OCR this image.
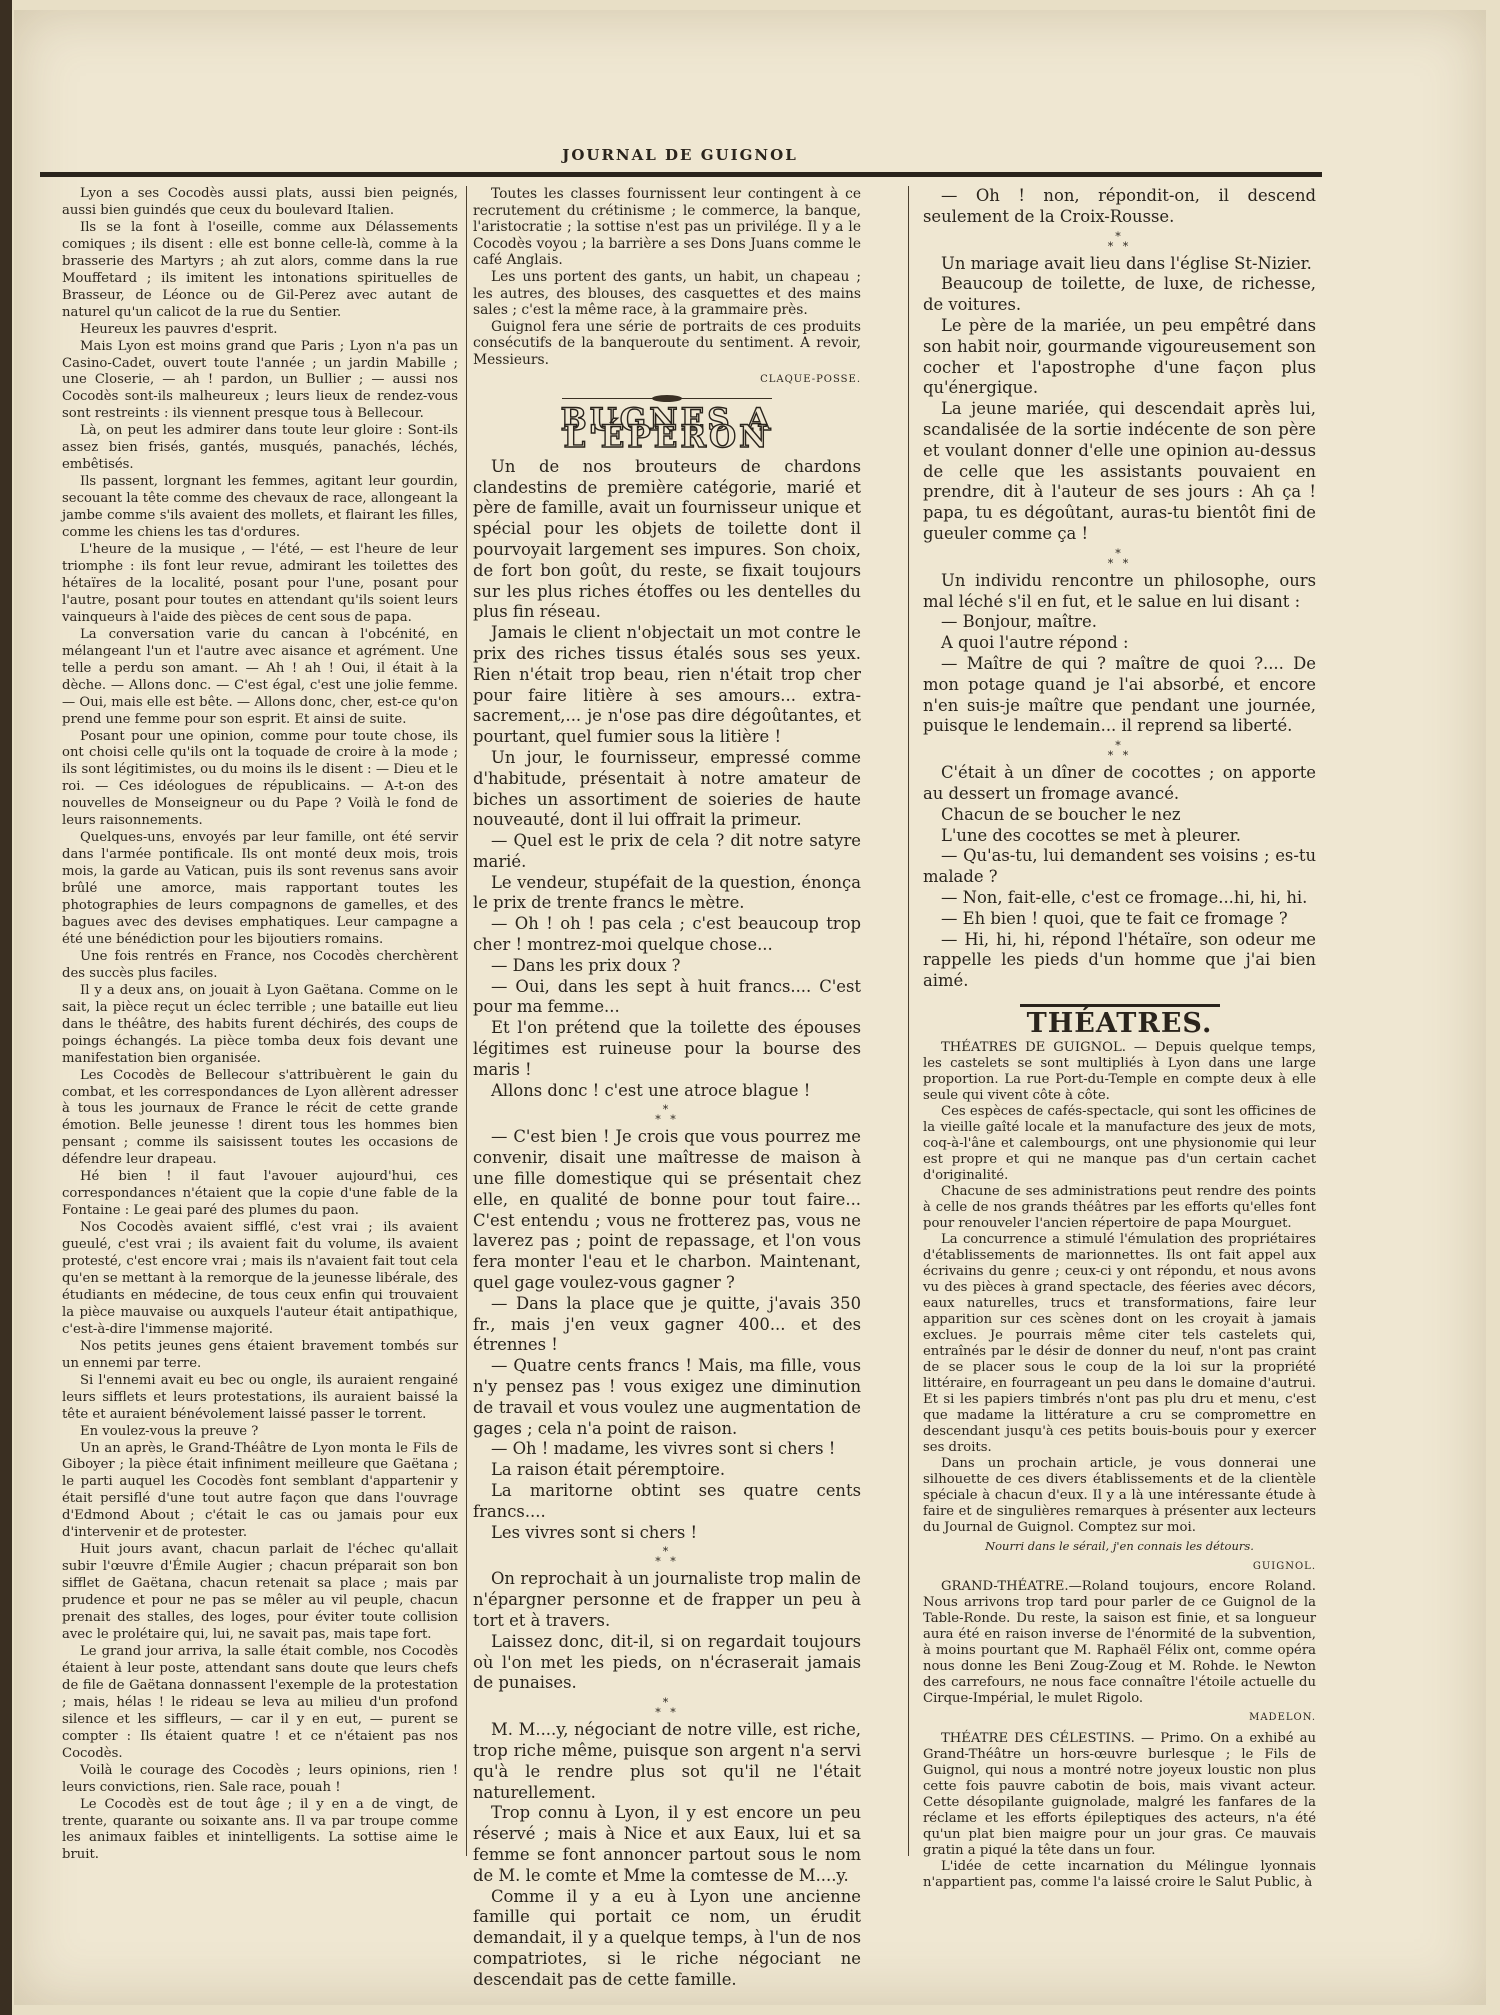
JOURNAL DE GUIGNOL

Lyon a ses Cocodès aussi plats, aussi bien peignés, aussi bien guindés que ceux du boulevard Italien.

Ils se la font à l'oseille, comme aux Délassements comiques ; ils disent : elle est bonne celle-là, comme à la brasserie des Martyrs ; ah zut alors, comme dans la rue Mouffetard ; ils imitent les intonations spirituelles de Brasseur, de Léonce ou de Gil-Perez avec autant de naturel qu'un calicot de la rue du Sentier.

Heureux les pauvres d'esprit.

Mais Lyon est moins grand que Paris ; Lyon n'a pas un Casino-Cadet, ouvert toute l'année ; un jardin Mabille ; une Closerie, — ah ! pardon, un Bullier ; — aussi nos Cocodès sont-ils malheureux ; leurs lieux de rendez-vous sont restreints : ils viennent presque tous à Bellecour.

Là, on peut les admirer dans toute leur gloire : Sont-ils assez bien frisés, gantés, musqués, panachés, léchés, embêtisés.

Ils passent, lorgnant les femmes, agitant leur gourdin, secouant la tête comme des chevaux de race, allongeant la jambe comme s'ils avaient des mollets, et flairant les filles, comme les chiens les tas d'ordures.

L'heure de la musique , — l'été, — est l'heure de leur triomphe : ils font leur revue, admirant les toilettes des hétaïres de la localité, posant pour l'une, posant pour l'autre, posant pour toutes en attendant qu'ils soient leurs vainqueurs à l'aide des pièces de cent sous de papa.

La conversation varie du cancan à l'obcénité, en mélangeant l'un et l'autre avec aisance et agrément. Une telle a perdu son amant. — Ah ! ah ! Oui, il était à la dèche. — Allons donc. — C'est égal, c'est une jolie femme. — Oui, mais elle est bête. — Allons donc, cher, est-ce qu'on prend une femme pour son esprit. Et ainsi de suite.

Posant pour une opinion, comme pour toute chose, ils ont choisi celle qu'ils ont la toquade de croire à la mode ; ils sont légitimistes, ou du moins ils le disent : — Dieu et le roi. — Ces idéologues de républicains. — A-t-on des nouvelles de Monseigneur ou du Pape ? Voilà le fond de leurs raisonnements.

Quelques-uns, envoyés par leur famille, ont été servir dans l'armée pontificale. Ils ont monté deux mois, trois mois, la garde au Vatican, puis ils sont revenus sans avoir brûlé une amorce, mais rapportant toutes les photographies de leurs compagnons de gamelles, et des bagues avec des devises emphatiques. Leur campagne a été une bénédiction pour les bijoutiers romains.

Une fois rentrés en France, nos Cocodès cherchèrent des succès plus faciles.

Il y a deux ans, on jouait à Lyon Gaëtana. Comme on le sait, la pièce reçut un éclec terrible ; une bataille eut lieu dans le théâtre, des habits furent déchirés, des coups de poings échangés. La pièce tomba deux fois devant une manifestation bien organisée.

Les Cocodès de Bellecour s'attribuèrent le gain du combat, et les correspondances de Lyon allèrent adresser à tous les journaux de France le récit de cette grande émotion. Belle jeunesse ! dirent tous les hommes bien pensant ; comme ils saisissent toutes les occasions de défendre leur drapeau.

Hé bien ! il faut l'avouer aujourd'hui, ces correspondances n'étaient que la copie d'une fable de la Fontaine : Le geai paré des plumes du paon.

Nos Cocodès avaient sifflé, c'est vrai ; ils avaient gueulé, c'est vrai ; ils avaient fait du volume, ils avaient protesté, c'est encore vrai ; mais ils n'avaient fait tout cela qu'en se mettant à la remorque de la jeunesse libérale, des étudiants en médecine, de tous ceux enfin qui trouvaient la pièce mauvaise ou auxquels l'auteur était antipathique, c'est-à-dire l'immense majorité.

Nos petits jeunes gens étaient bravement tombés sur un ennemi par terre.

Si l'ennemi avait eu bec ou ongle, ils auraient rengainé leurs sifflets et leurs protestations, ils auraient baissé la tête et auraient bénévolement laissé passer le torrent.

En voulez-vous la preuve ?

Un an après, le Grand-Théâtre de Lyon monta le Fils de Giboyer ; la pièce était infiniment meilleure que Gaëtana ; le parti auquel les Cocodès font semblant d'appartenir y était persiflé d'une tout autre façon que dans l'ouvrage d'Edmond About ; c'était le cas ou jamais pour eux d'intervenir et de protester.

Huit jours avant, chacun parlait de l'échec qu'allait subir l'œuvre d'Émile Augier ; chacun préparait son bon sifflet de Gaëtana, chacun retenait sa place ; mais par prudence et pour ne pas se mêler au vil peuple, chacun prenait des stalles, des loges, pour éviter toute collision avec le prolétaire qui, lui, ne savait pas, mais tape fort.

Le grand jour arriva, la salle était comble, nos Cocodès étaient à leur poste, attendant sans doute que leurs chefs de file de Gaëtana donnassent l'exemple de la protestation ; mais, hélas ! le rideau se leva au milieu d'un profond silence et les siffleurs, — car il y en eut, — purent se compter : Ils étaient quatre ! et ce n'étaient pas nos Cocodès.

Voilà le courage des Cocodès ; leurs opinions, rien ! leurs convictions, rien. Sale race, pouah !

Le Cocodès est de tout âge ; il y en a de vingt, de trente, quarante ou soixante ans. Il va par troupe comme les animaux faibles et inintelligents. La sottise aime le bruit.

Toutes les classes fournissent leur contingent à ce recrutement du crétinisme ; le commerce, la banque, l'aristocratie ; la sottise n'est pas un privilége. Il y a le Cocodès voyou ; la barrière a ses Dons Juans comme le café Anglais.

Les uns portent des gants, un habit, un chapeau ; les autres, des blouses, des casquettes et des mains sales ; c'est la même race, à la grammaire près.

Guignol fera une série de portraits de ces produits consécutifs de la banqueroute du sentiment. A revoir, Messieurs.

CLAQUE-POSSE.
BUGNES A L'ÉPERON

Un de nos brouteurs de chardons clandestins de première catégorie, marié et père de famille, avait un fournisseur unique et spécial pour les objets de toilette dont il pourvoyait largement ses impures. Son choix, de fort bon goût, du reste, se fixait toujours sur les plus riches étoffes ou les dentelles du plus fin réseau.

Jamais le client n'objectait un mot contre le prix des riches tissus étalés sous ses yeux. Rien n'était trop beau, rien n'était trop cher pour faire litière à ses amours... extra-sacrement,... je n'ose pas dire dégoûtantes, et pourtant, quel fumier sous la litière !

Un jour, le fournisseur, empressé comme d'habitude, présentait à notre amateur de biches un assortiment de soieries de haute nouveauté, dont il lui offrait la primeur.

— Quel est le prix de cela ? dit notre satyre marié.

Le vendeur, stupéfait de la question, énonça le prix de trente francs le mètre.

— Oh ! oh ! pas cela ; c'est beaucoup trop cher ! montrez-moi quelque chose...

— Dans les prix doux ?

— Oui, dans les sept à huit francs.... C'est pour ma femme...

Et l'on prétend que la toilette des épouses légitimes est ruineuse pour la bourse des maris !

Allons donc ! c'est une atroce blague !

*
* *

— C'est bien ! Je crois que vous pourrez me convenir, disait une maîtresse de maison à une fille domestique qui se présentait chez elle, en qualité de bonne pour tout faire... C'est entendu ; vous ne frotterez pas, vous ne laverez pas ; point de repassage, et l'on vous fera monter l'eau et le charbon. Maintenant, quel gage voulez-vous gagner ?

— Dans la place que je quitte, j'avais 350 fr., mais j'en veux gagner 400... et des étrennes !

— Quatre cents francs ! Mais, ma fille, vous n'y pensez pas ! vous exigez une diminution de travail et vous voulez une augmentation de gages ; cela n'a point de raison.

— Oh ! madame, les vivres sont si chers !

La raison était péremptoire.

La maritorne obtint ses quatre cents francs....

Les vivres sont si chers !

*
* *

On reprochait à un journaliste trop malin de n'épargner personne et de frapper un peu à tort et à travers.

Laissez donc, dit-il, si on regardait toujours où l'on met les pieds, on n'écraserait jamais de punaises.

*
* *

M. M....y, négociant de notre ville, est riche, trop riche même, puisque son argent n'a servi qu'à le rendre plus sot qu'il ne l'était naturellement.

Trop connu à Lyon, il y est encore un peu réservé ; mais à Nice et aux Eaux, lui et sa femme se font annoncer partout sous le nom de M. le comte et Mme la comtesse de M....y.

Comme il y a eu à Lyon une ancienne famille qui portait ce nom, un érudit demandait, il y a quelque temps, à l'un de nos compatriotes, si le riche négociant ne descendait pas de cette famille.

— Oh ! non, répondit-on, il descend seulement de la Croix-Rousse.

*
* *

Un mariage avait lieu dans l'église St-Nizier.

Beaucoup de toilette, de luxe, de richesse, de voitures.

Le père de la mariée, un peu empêtré dans son habit noir, gourmande vigoureusement son cocher et l'apostrophe d'une façon plus qu'énergique.

La jeune mariée, qui descendait après lui, scandalisée de la sortie indécente de son père et voulant donner d'elle une opinion au-dessus de celle que les assistants pouvaient en prendre, dit à l'auteur de ses jours : Ah ça ! papa, tu es dégoûtant, auras-tu bientôt fini de gueuler comme ça !

*
* *

Un individu rencontre un philosophe, ours mal léché s'il en fut, et le salue en lui disant :

— Bonjour, maître.

A quoi l'autre répond :

— Maître de qui ? maître de quoi ?.... De mon potage quand je l'ai absorbé, et encore n'en suis-je maître que pendant une journée, puisque le lendemain... il reprend sa liberté.

*
* *

C'était à un dîner de cocottes ; on apporte au dessert un fromage avancé.

Chacun de se boucher le nez

L'une des cocottes se met à pleurer.

— Qu'as-tu, lui demandent ses voisins ; es-tu malade ?

— Non, fait-elle, c'est ce fromage...hi, hi, hi.

— Eh bien ! quoi, que te fait ce fromage ?

— Hi, hi, hi, répond l'hétaïre, son odeur me rappelle les pieds d'un homme que j'ai bien aimé.

THÉATRES.

THÉATRES DE GUIGNOL. — Depuis quelque temps, les castelets se sont multipliés à Lyon dans une large proportion. La rue Port-du-Temple en compte deux à elle seule qui vivent côte à côte.

Ces espèces de cafés-spectacle, qui sont les officines de la vieille gaîté locale et la manufacture des jeux de mots, coq-à-l'âne et calembourgs, ont une physionomie qui leur est propre et qui ne manque pas d'un certain cachet d'originalité.

Chacune de ses administrations peut rendre des points à celle de nos grands théâtres par les efforts qu'elles font pour renouveler l'ancien répertoire de papa Mourguet.

La concurrence a stimulé l'émulation des propriétaires d'établissements de marionnettes. Ils ont fait appel aux écrivains du genre ; ceux-ci y ont répondu, et nous avons vu des pièces à grand spectacle, des féeries avec décors, eaux naturelles, trucs et transformations, faire leur apparition sur ces scènes dont on les croyait à jamais exclues. Je pourrais même citer tels castelets qui, entraînés par le désir de donner du neuf, n'ont pas craint de se placer sous le coup de la loi sur la propriété littéraire, en fourrageant un peu dans le domaine d'autrui. Et si les papiers timbrés n'ont pas plu dru et menu, c'est que madame la littérature a cru se compromettre en descendant jusqu'à ces petits bouis-bouis pour y exercer ses droits.

Dans un prochain article, je vous donnerai une silhouette de ces divers établissements et de la clientèle spéciale à chacun d'eux. Il y a là une intéressante étude à faire et de singulières remarques à présenter aux lecteurs du Journal de Guignol. Comptez sur moi.

Nourri dans le sérail, j'en connais les détours.
GUIGNOL.

GRAND-THÉATRE.—Roland toujours, encore Roland. Nous arrivons trop tard pour parler de ce Guignol de la Table-Ronde. Du reste, la saison est finie, et sa longueur aura été en raison inverse de l'énormité de la subvention, à moins pourtant que M. Raphaël Félix ont, comme opéra nous donne les Beni Zoug-Zoug et M. Rohde. le Newton des carrefours, ne nous face connaître l'étoile actuelle du Cirque-Impérial, le mulet Rigolo.

MADELON.

THÉATRE DES CÉLESTINS. — Primo. On a exhibé au Grand-Théâtre un hors-œuvre burlesque ; le Fils de Guignol, qui nous a montré notre joyeux loustic non plus cette fois pauvre cabotin de bois, mais vivant acteur. Cette désopilante guignolade, malgré les fanfares de la réclame et les efforts épileptiques des acteurs, n'a été qu'un plat bien maigre pour un jour gras. Ce mauvais gratin a piqué la tête dans un four.

L'idée de cette incarnation du Mélingue lyonnais n'appartient pas, comme l'a laissé croire le Salut Public, à
